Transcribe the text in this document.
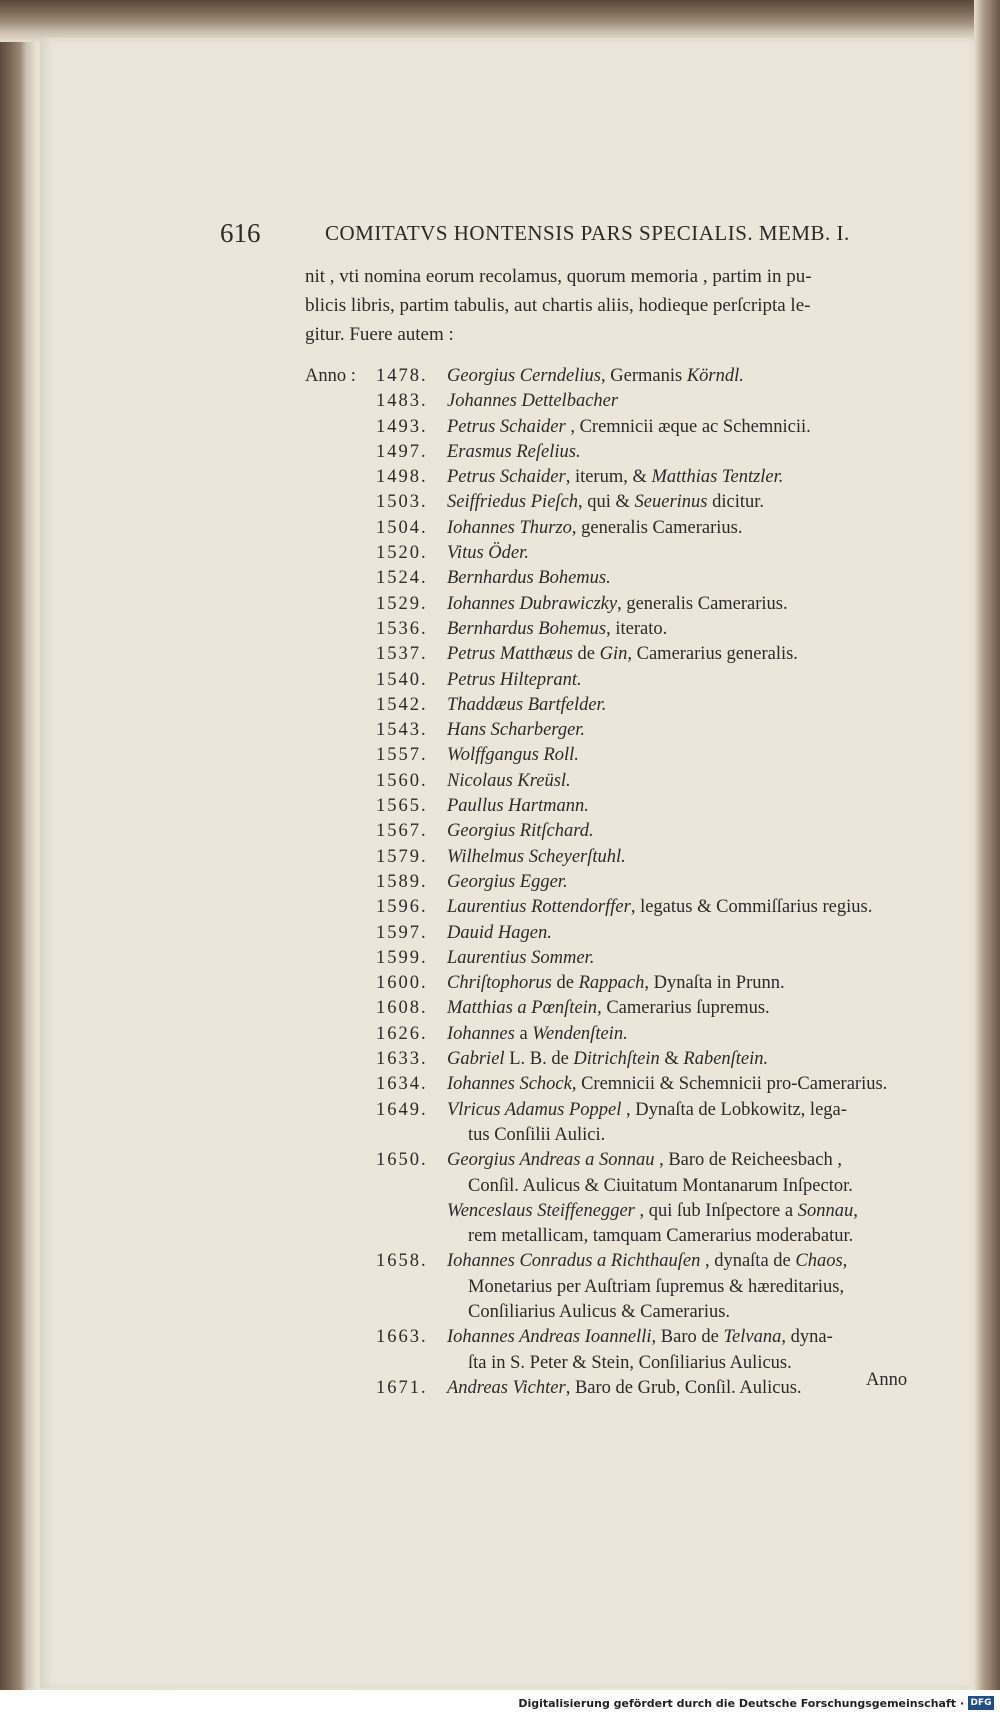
616	COMITATVS HONTENSIS PARS SPECIALIS. MEMB. I.
nit , vti nomina eorum recolamus, quorum memoria , partim in pu-
blicis libris, partim tabulis, aut chartis aliis, hodieque perſcripta le-
gitur. Fuere autem :
Anno : 1478.	Georgius Cerndelius, Germanis Körndl.
1483.	Johannes Dettelbacher
1493.	Petrus Schaider , Cremnicii æque ac Schemnicii.
1497.	Erasmus Reſelius.
1498.	Petrus Schaider, iterum, & Matthias Tentzler.
1503.	Seiffriedus Pieſch, qui & Seuerinus dicitur.
1504.	Iohannes Thurzo, generalis Camerarius.
1520.	Vitus Öder.
1524.	Bernhardus Bohemus.
1529.	Iohannes Dubrawiczky, generalis Camerarius.
1536.	Bernhardus Bohemus, iterato.
1537.	Petrus Matthæus de Gin, Camerarius generalis.
1540.	Petrus Hilteprant.
1542.	Thaddæus Bartfelder.
1543.	Hans Scharberger.
1557.	Wolffgangus Roll.
1560.	Nicolaus Kreüsl.
1565.	Paullus Hartmann.
1567.	Georgius Ritſchard.
1579.	Wilhelmus Scheyerſtuhl.
1589.	Georgius Egger.
1596.	Laurentius Rottendorffer, legatus & Commiſſarius regius.
1597.	Dauid Hagen.
1599.	Laurentius Sommer.
1600.	Chriſtophorus de Rappach, Dynaſta in Prunn.
1608.	Matthias a Pœnſtein, Camerarius ſupremus.
1626.	Iohannes a Wendenſtein.
1633.	Gabriel L. B. de Ditrichſtein & Rabenſtein.
1634.	Iohannes Schock, Cremnicii & Schemnicii pro-Camerarius.
1649.	Vlricus Adamus Poppel , Dynaſta de Lobkowitz, lega-
tus Conſilii Aulici.
1650.	Georgius Andreas a Sonnau , Baro de Reicheesbach ,
Conſil. Aulicus & Ciuitatum Montanarum Inſpector.
Wenceslaus Steiffenegger , qui ſub Inſpectore a Sonnau,
rem metallicam, tamquam Camerarius moderabatur.
1658.	Iohannes Conradus a Richthauſen , dynaſta de Chaos,
Monetarius per Auſtriam ſupremus & hæreditarius,
Conſiliarius Aulicus & Camerarius.
1663.	Iohannes Andreas Ioannelli, Baro de Telvana, dyna-
ſta in S. Peter & Stein, Conſiliarius Aulicus.
1671.	Andreas Vichter, Baro de Grub, Conſil. Aulicus.	Anno
Digitalisierung gefördert durch die Deutsche Forschungsgemeinschaft · DFG
